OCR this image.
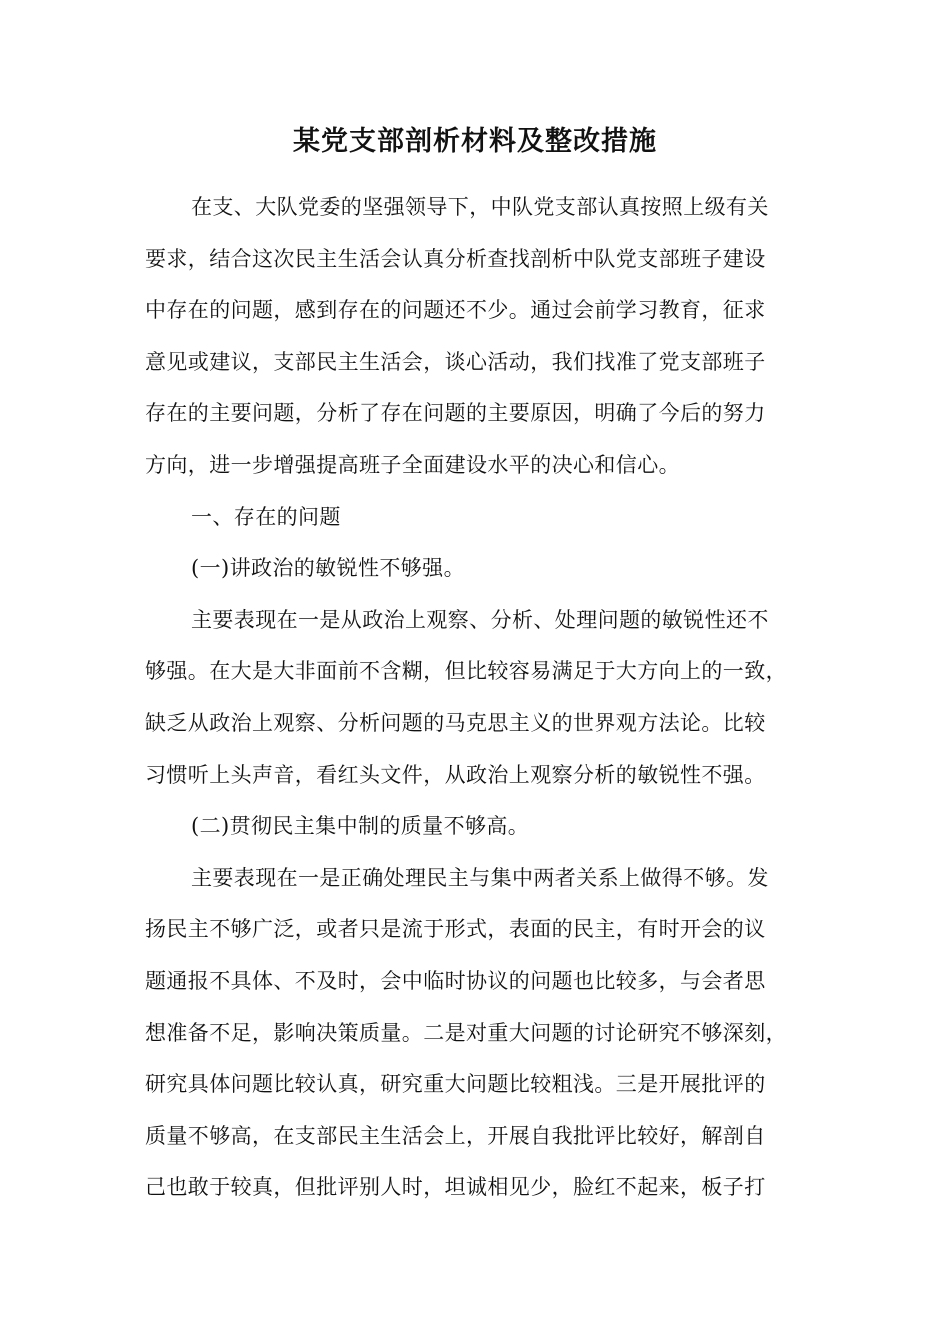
某党支部剖析材料及整改措施
在支、大队党委的坚强领导下，中队党支部认真按照上级有关
要求，结合这次民主生活会认真分析查找剖析中队党支部班子建设
中存在的问题，感到存在的问题还不少。通过会前学习教育，征求
意见或建议，支部民主生活会，谈心活动，我们找准了党支部班子
存在的主要问题，分析了存在问题的主要原因，明确了今后的努力
方向，进一步增强提高班子全面建设水平的决心和信心。
一、存在的问题
(一)讲政治的敏锐性不够强。
主要表现在一是从政治上观察、分析、处理问题的敏锐性还不
够强。在大是大非面前不含糊，但比较容易满足于大方向上的一致，
缺乏从政治上观察、分析问题的马克思主义的世界观方法论。比较
习惯听上头声音，看红头文件，从政治上观察分析的敏锐性不强。
(二)贯彻民主集中制的质量不够高。
主要表现在一是正确处理民主与集中两者关系上做得不够。发
扬民主不够广泛，或者只是流于形式，表面的民主，有时开会的议
题通报不具体、不及时，会中临时协议的问题也比较多，与会者思
想准备不足，影响决策质量。二是对重大问题的讨论研究不够深刻，
研究具体问题比较认真，研究重大问题比较粗浅。三是开展批评的
质量不够高，在支部民主生活会上，开展自我批评比较好，解剖自
己也敢于较真，但批评别人时，坦诚相见少，脸红不起来，板子打
